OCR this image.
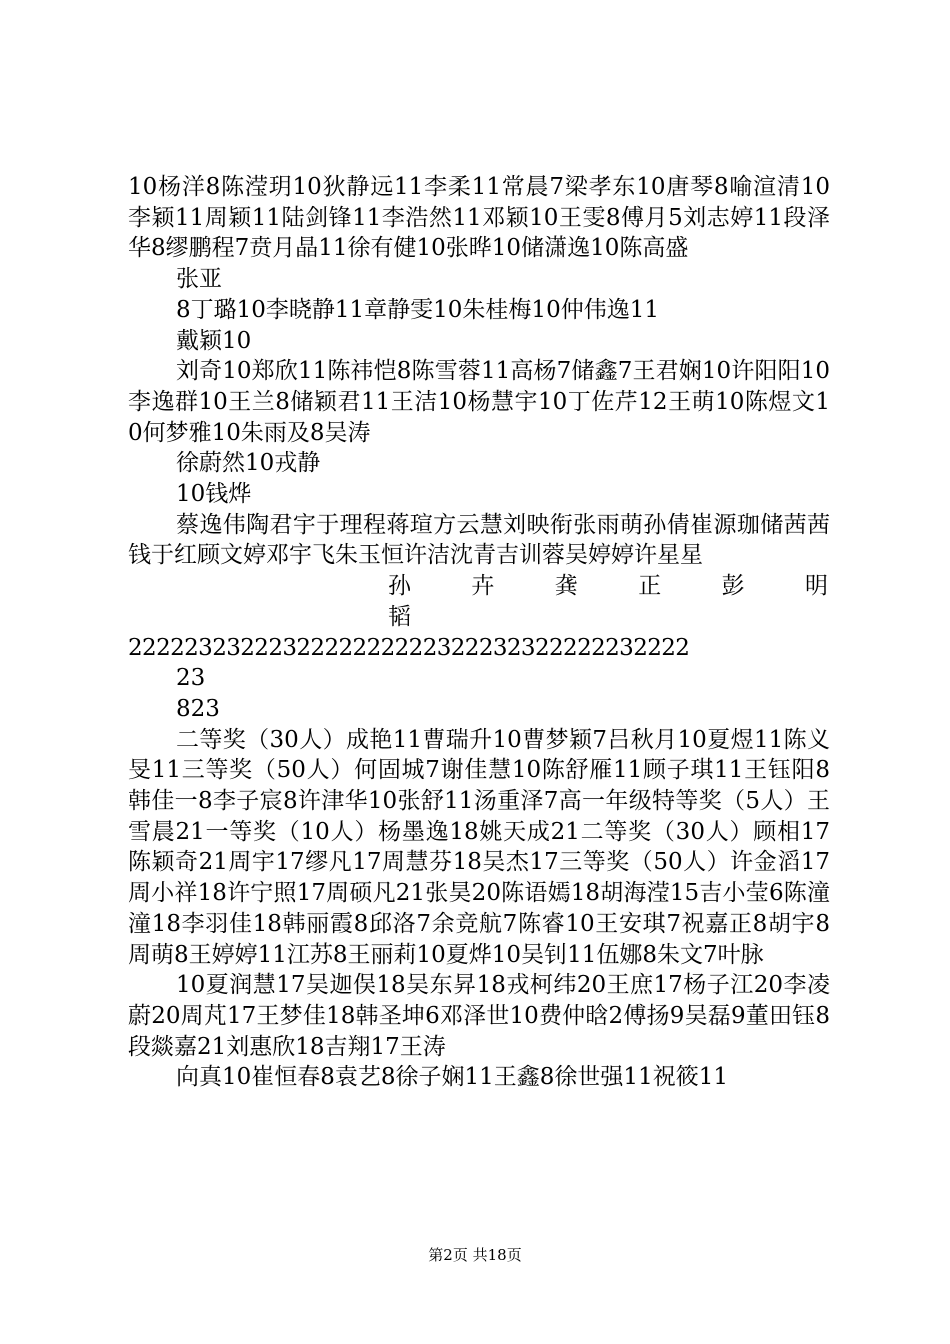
10杨洋8陈滢玥10狄静远11李柔11常晨7梁孝东10唐琴8喻渲清10李颖11周颖11陆剑锋11李浩然11邓颖10王雯8傅月5刘志婷11段泽华8缪鹏程7贲月晶11徐有健10张晔10储潇逸10陈高盛

张亚

8丁璐10李晓静11章静雯10朱桂梅10仲伟逸11

戴颖10

刘奇10郑欣11陈祎恺8陈雪蓉11高杨7储鑫7王君娴10许阳阳10李逸群10王兰8储颖君11王洁10杨慧宇10丁佐芹12王萌10陈煜文10何梦雅10朱雨及8吴涛

徐蔚然10戎静

10钱烨

蔡逸伟陶君宇于理程蒋瑄方云慧刘映衔张雨萌孙倩崔源珈储茜茜钱于红顾文婷邓宇飞朱玉恒许洁沈青吉训蓉吴婷婷许星星

孙　　卉　　龚　　正　　彭　　明　　韬

2222232322232222222222322232322222232222

23

823

二等奖（30人）成艳11曹瑞升10曹梦颖7吕秋月10夏煜11陈义旻11三等奖（50人）何固城7谢佳慧10陈舒雁11顾子琪11王钰阳8韩佳一8李子宸8许津华10张舒11汤重泽7高一年级特等奖（5人）王雪晨21一等奖（10人）杨墨逸18姚天成21二等奖（30人）顾相17陈颖奇21周宇17缪凡17周慧芬18吴杰17三等奖（50人）许金滔17周小祥18许宁照17周硕凡21张昊20陈语嫣18胡海滢15吉小莹6陈潼潼18李羽佳18韩丽霞8邱洛7余竞航7陈睿10王安琪7祝嘉正8胡宇8周萌8王婷婷11江苏8王丽莉10夏烨10吴钊11伍娜8朱文7叶脉

10夏润慧17吴迦俣18吴东昇18戎柯纬20王庶17杨子江20李凌蔚20周芃17王梦佳18韩圣坤6邓泽世10费仲晗2傅扬9吴磊9董田钰8段燚嘉21刘惠欣18吉翔17王涛

向真10崔恒春8袁艺8徐子娴11王鑫8徐世强11祝筱11

第2页 共18页
